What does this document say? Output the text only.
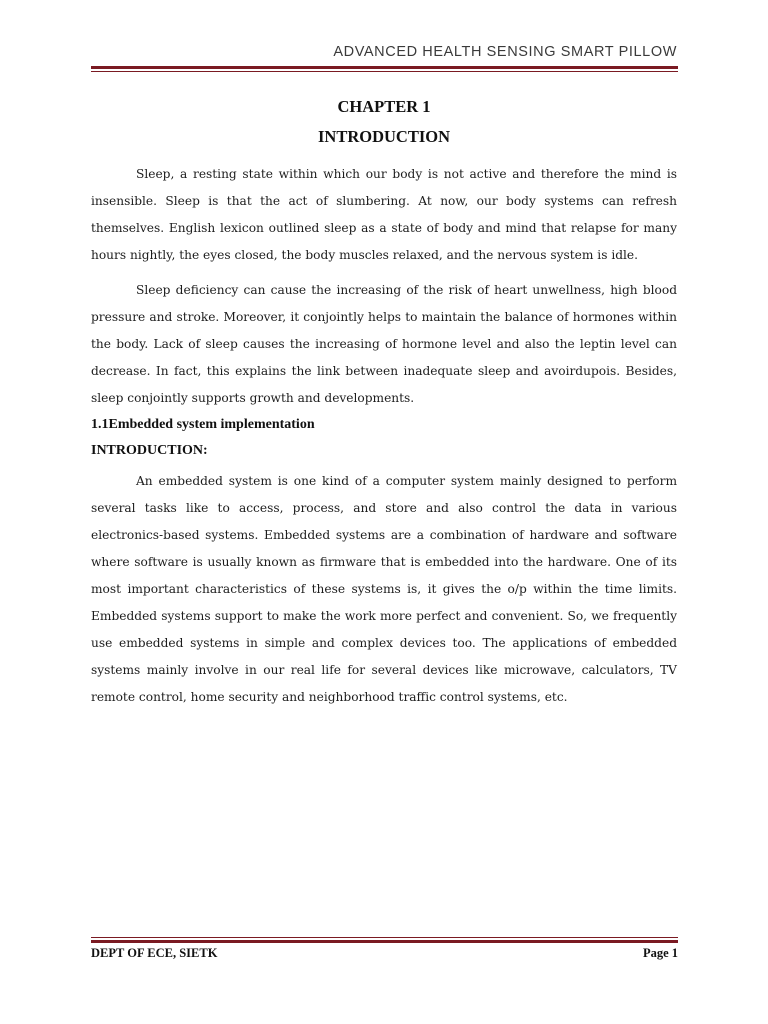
ADVANCED HEALTH SENSING SMART PILLOW
CHAPTER 1
INTRODUCTION

Sleep, a resting state within which our body is not active and therefore the mind is insensible. Sleep is that the act of slumbering. At now, our body systems can refresh themselves. English lexicon outlined sleep as a state of body and mind that relapse for many hours nightly, the eyes closed, the body muscles relaxed, and the nervous system is idle.

Sleep deficiency can cause the increasing of the risk of heart unwellness, high blood pressure and stroke. Moreover, it conjointly helps to maintain the balance of hormones within the body. Lack of sleep causes the increasing of hormone level and also the leptin level can decrease. In fact, this explains the link between inadequate sleep and avoirdupois. Besides, sleep conjointly supports growth and developments.

1.1Embedded system implementation
INTRODUCTION:

An embedded system is one kind of a computer system mainly designed to perform several tasks like to access, process, and store and also control the data in various electronics-based systems. Embedded systems are a combination of hardware and software where software is usually known as firmware that is embedded into the hardware. One of its most important characteristics of these systems is, it gives the o/p within the time limits. Embedded systems support to make the work more perfect and convenient. So, we frequently use embedded systems in simple and complex devices too. The applications of embedded systems mainly involve in our real life for several devices like microwave, calculators, TV remote control, home security and neighborhood traffic control systems, etc.

DEPT OF ECE, SIETK	Page 1
